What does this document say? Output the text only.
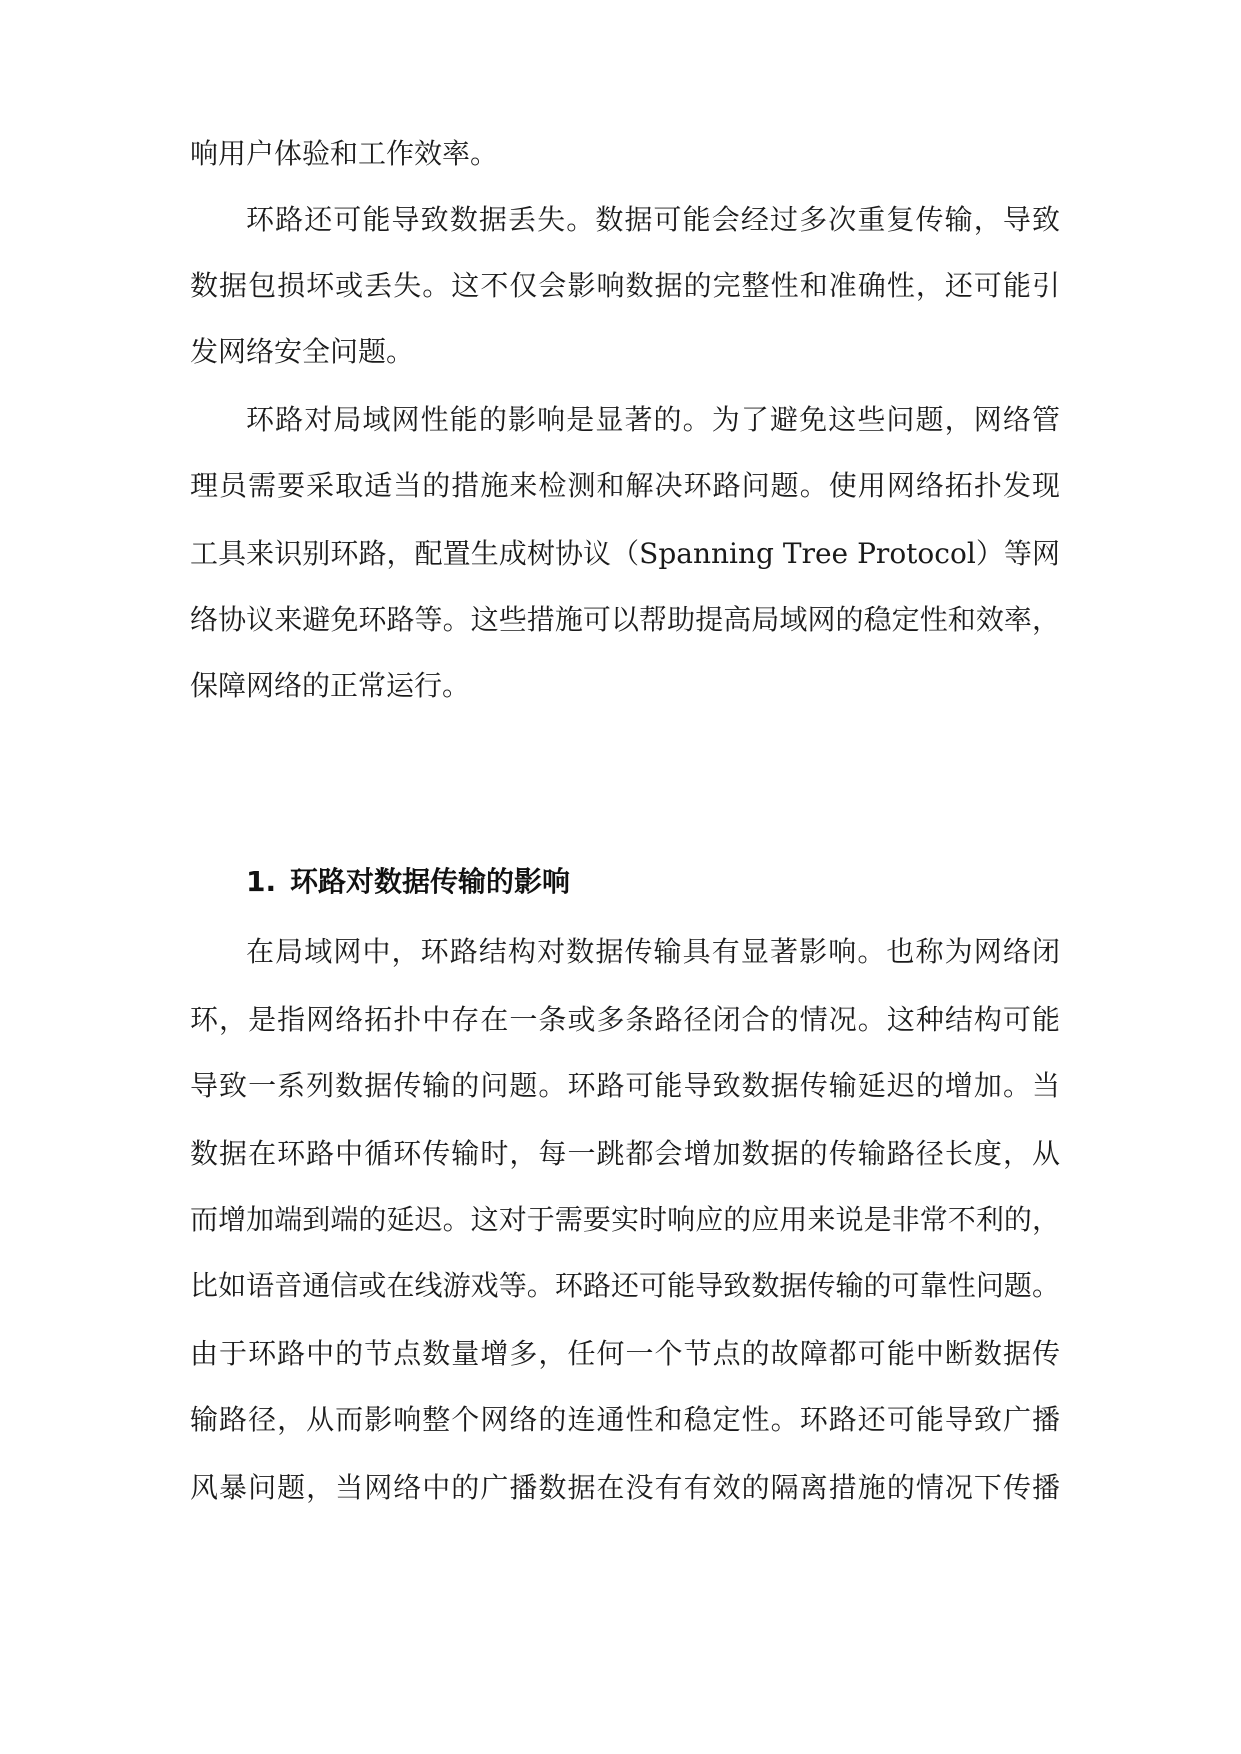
响用户体验和工作效率。

环路还可能导致数据丢失。数据可能会经过多次重复传输，导致

数据包损坏或丢失。这不仅会影响数据的完整性和准确性，还可能引

发网络安全问题。

环路对局域网性能的影响是显著的。为了避免这些问题，网络管

理员需要采取适当的措施来检测和解决环路问题。使用网络拓扑发现

工具来识别环路，配置生成树协议（Spanning Tree Protocol）等网

络协议来避免环路等。这些措施可以帮助提高局域网的稳定性和效率，

保障网络的正常运行。

1. 环路对数据传输的影响

在局域网中，环路结构对数据传输具有显著影响。也称为网络闭

环，是指网络拓扑中存在一条或多条路径闭合的情况。这种结构可能

导致一系列数据传输的问题。环路可能导致数据传输延迟的增加。当

数据在环路中循环传输时，每一跳都会增加数据的传输路径长度，从

而增加端到端的延迟。这对于需要实时响应的应用来说是非常不利的，

比如语音通信或在线游戏等。环路还可能导致数据传输的可靠性问题。

由于环路中的节点数量增多，任何一个节点的故障都可能中断数据传

输路径，从而影响整个网络的连通性和稳定性。环路还可能导致广播

风暴问题，当网络中的广播数据在没有有效的隔离措施的情况下传播
